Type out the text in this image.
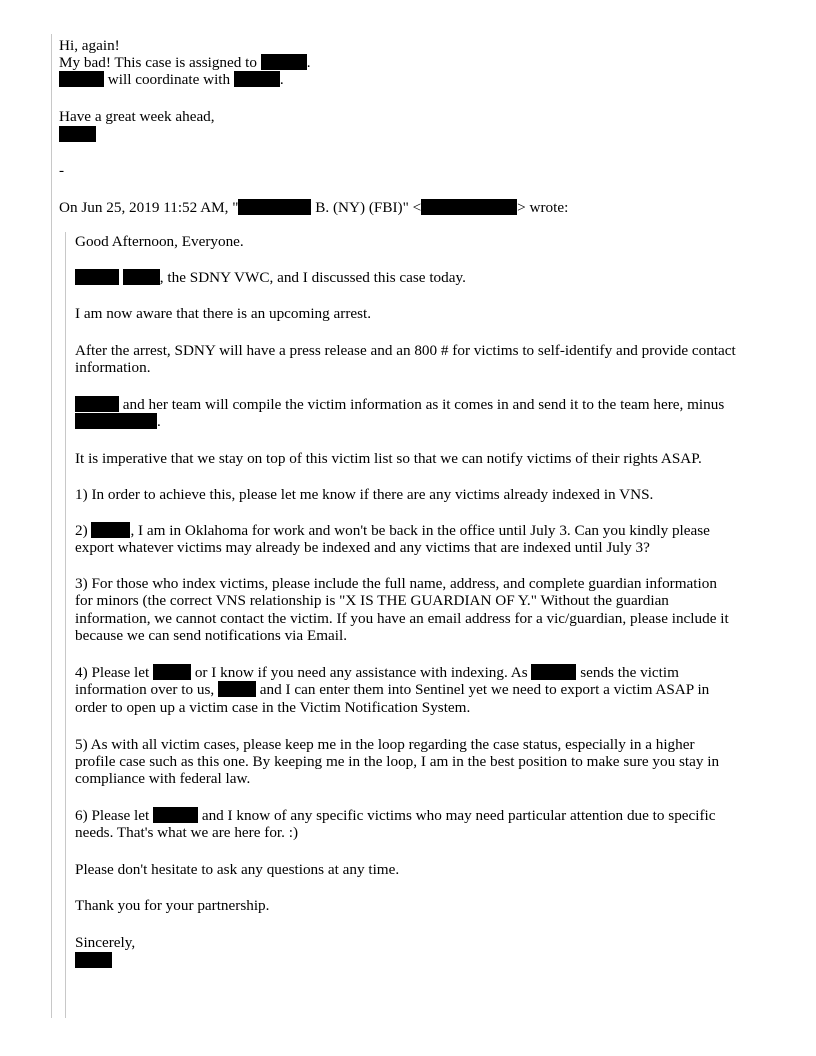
Hi, again!
My bad! This case is assigned to	.
will coordinate with	.
Have a great week ahead,
-
On Jun 25, 2019 11:52 AM, "	B. (NY) (FBI)" <	> wrote:
Good Afternoon, Everyone.
, the SDNY VWC, and I discussed this case today.
I am now aware that there is an upcoming arrest.
After the arrest, SDNY will have a press release and an 800 # for victims to self-identify and provide contact
information.
and her team will compile the victim information as it comes in and send it to the team here, minus
.
It is imperative that we stay on top of this victim list so that we can notify victims of their rights ASAP.
1) In order to achieve this, please let me know if there are any victims already indexed in VNS.
2)	, I am in Oklahoma for work and won't be back in the office until July 3. Can you kindly please
export whatever victims may already be indexed and any victims that are indexed until July 3?
3) For those who index victims, please include the full name, address, and complete guardian information
for minors (the correct VNS relationship is "X IS THE GUARDIAN OF Y." Without the guardian
information, we cannot contact the victim. If you have an email address for a vic/guardian, please include it
because we can send notifications via Email.
4) Please let	or I know if you need any assistance with indexing. As	sends the victim
information over to us,	and I can enter them into Sentinel yet we need to export a victim ASAP in
order to open up a victim case in the Victim Notification System.
5) As with all victim cases, please keep me in the loop regarding the case status, especially in a higher
profile case such as this one. By keeping me in the loop, I am in the best position to make sure you stay in
compliance with federal law.
6) Please let	and I know of any specific victims who may need particular attention due to specific
needs. That's what we are here for. :)
Please don't hesitate to ask any questions at any time.
Thank you for your partnership.
Sincerely,
